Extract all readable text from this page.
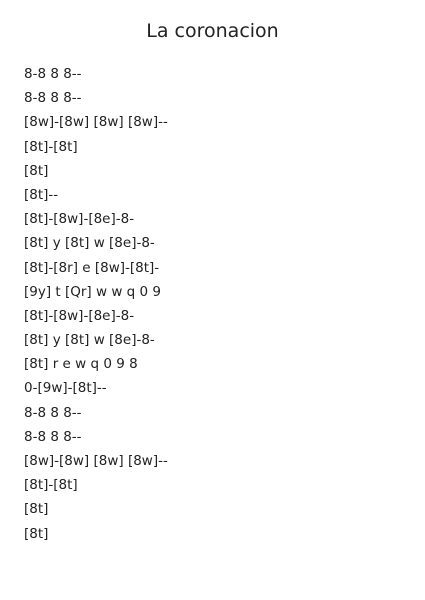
La coronacion
8-8 8 8--
8-8 8 8--
[8w]-[8w] [8w] [8w]--
[8t]-[8t]
[8t]
[8t]--
[8t]-[8w]-[8e]-8-
[8t] y [8t] w [8e]-8-
[8t]-[8r] e [8w]-[8t]-
[9y] t [Qr] w w q 0 9
[8t]-[8w]-[8e]-8-
[8t] y [8t] w [8e]-8-
[8t] r e w q 0 9 8
0-[9w]-[8t]--
8-8 8 8--
8-8 8 8--
[8w]-[8w] [8w] [8w]--
[8t]-[8t]
[8t]
[8t]
